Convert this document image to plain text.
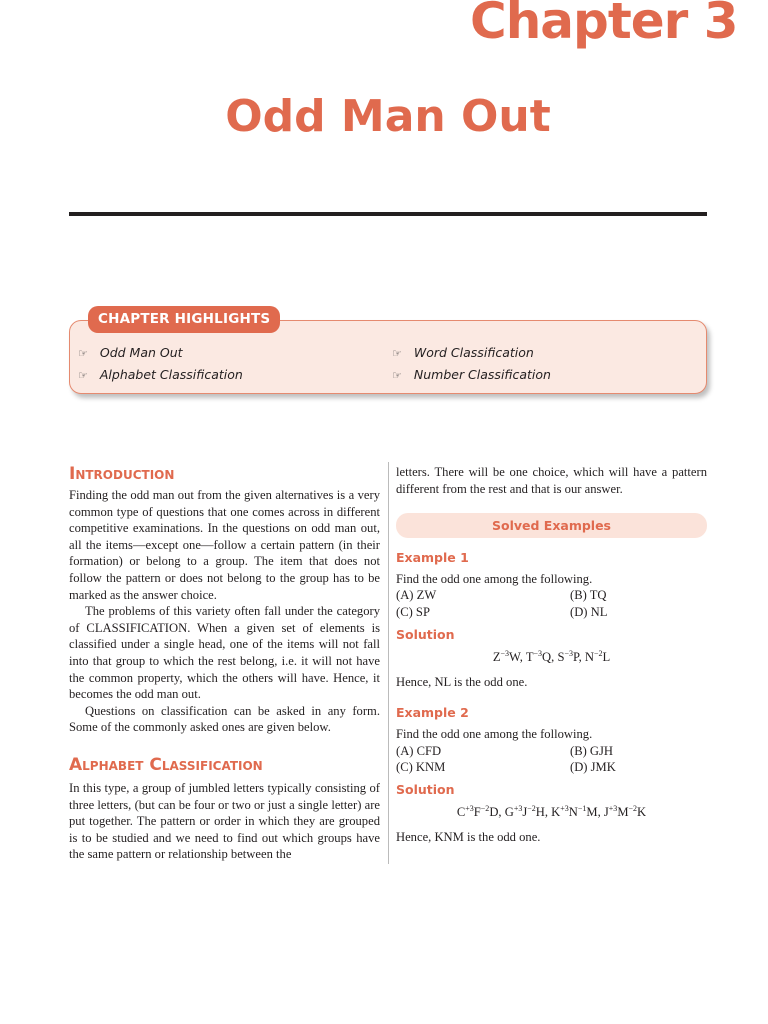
Chapter 3
Odd Man Out
CHAPTER HIGHLIGHTS
☞ Odd Man Out
☞ Alphabet Classification
☞ Word Classification
☞ Number Classification
Introduction

Finding the odd man out from the given alternatives is a very common type of questions that one comes across in different competitive examinations. In the questions on odd man out, all the items—except one—follow a certain pattern (in their formation) or belong to a group. The item that does not follow the pattern or does not belong to the group has to be marked as the answer choice.

The problems of this variety often fall under the category of CLASSIFICATION. When a given set of elements is classified under a single head, one of the items will not fall into that group to which the rest belong, i.e. it will not have the common property, which the others will have. Hence, it becomes the odd man out.

Questions on classification can be asked in any form. Some of the commonly asked ones are given below.

Alphabet Classification

In this type, a group of jumbled letters typically consisting of three letters, (but can be four or two or just a single letter) are put together. The pattern or order in which they are grouped is to be studied and we need to find out which groups have the same pattern or relationship between the

letters. There will be one choice, which will have a pattern different from the rest and that is our answer.

Solved Examples
Example 1

Find the odd one among the following.

(A) ZW	(B) TQ
(C) SP	(D) NL
Solution

$Z^{-3}W$, $T^{-3}Q$, $S^{-3}P$, $N^{-2}L$

Hence, NL is the odd one.

Example 2

Find the odd one among the following.

(A) CFD	(B) GJH
(C) KNM	(D) JMK
Solution

$C^{+3}F^{-2}D$, $G^{+3}J^{-2}H$, $K^{+3}N^{-1}M$, $J^{+3}M^{-2}K$

Hence, KNM is the odd one.
